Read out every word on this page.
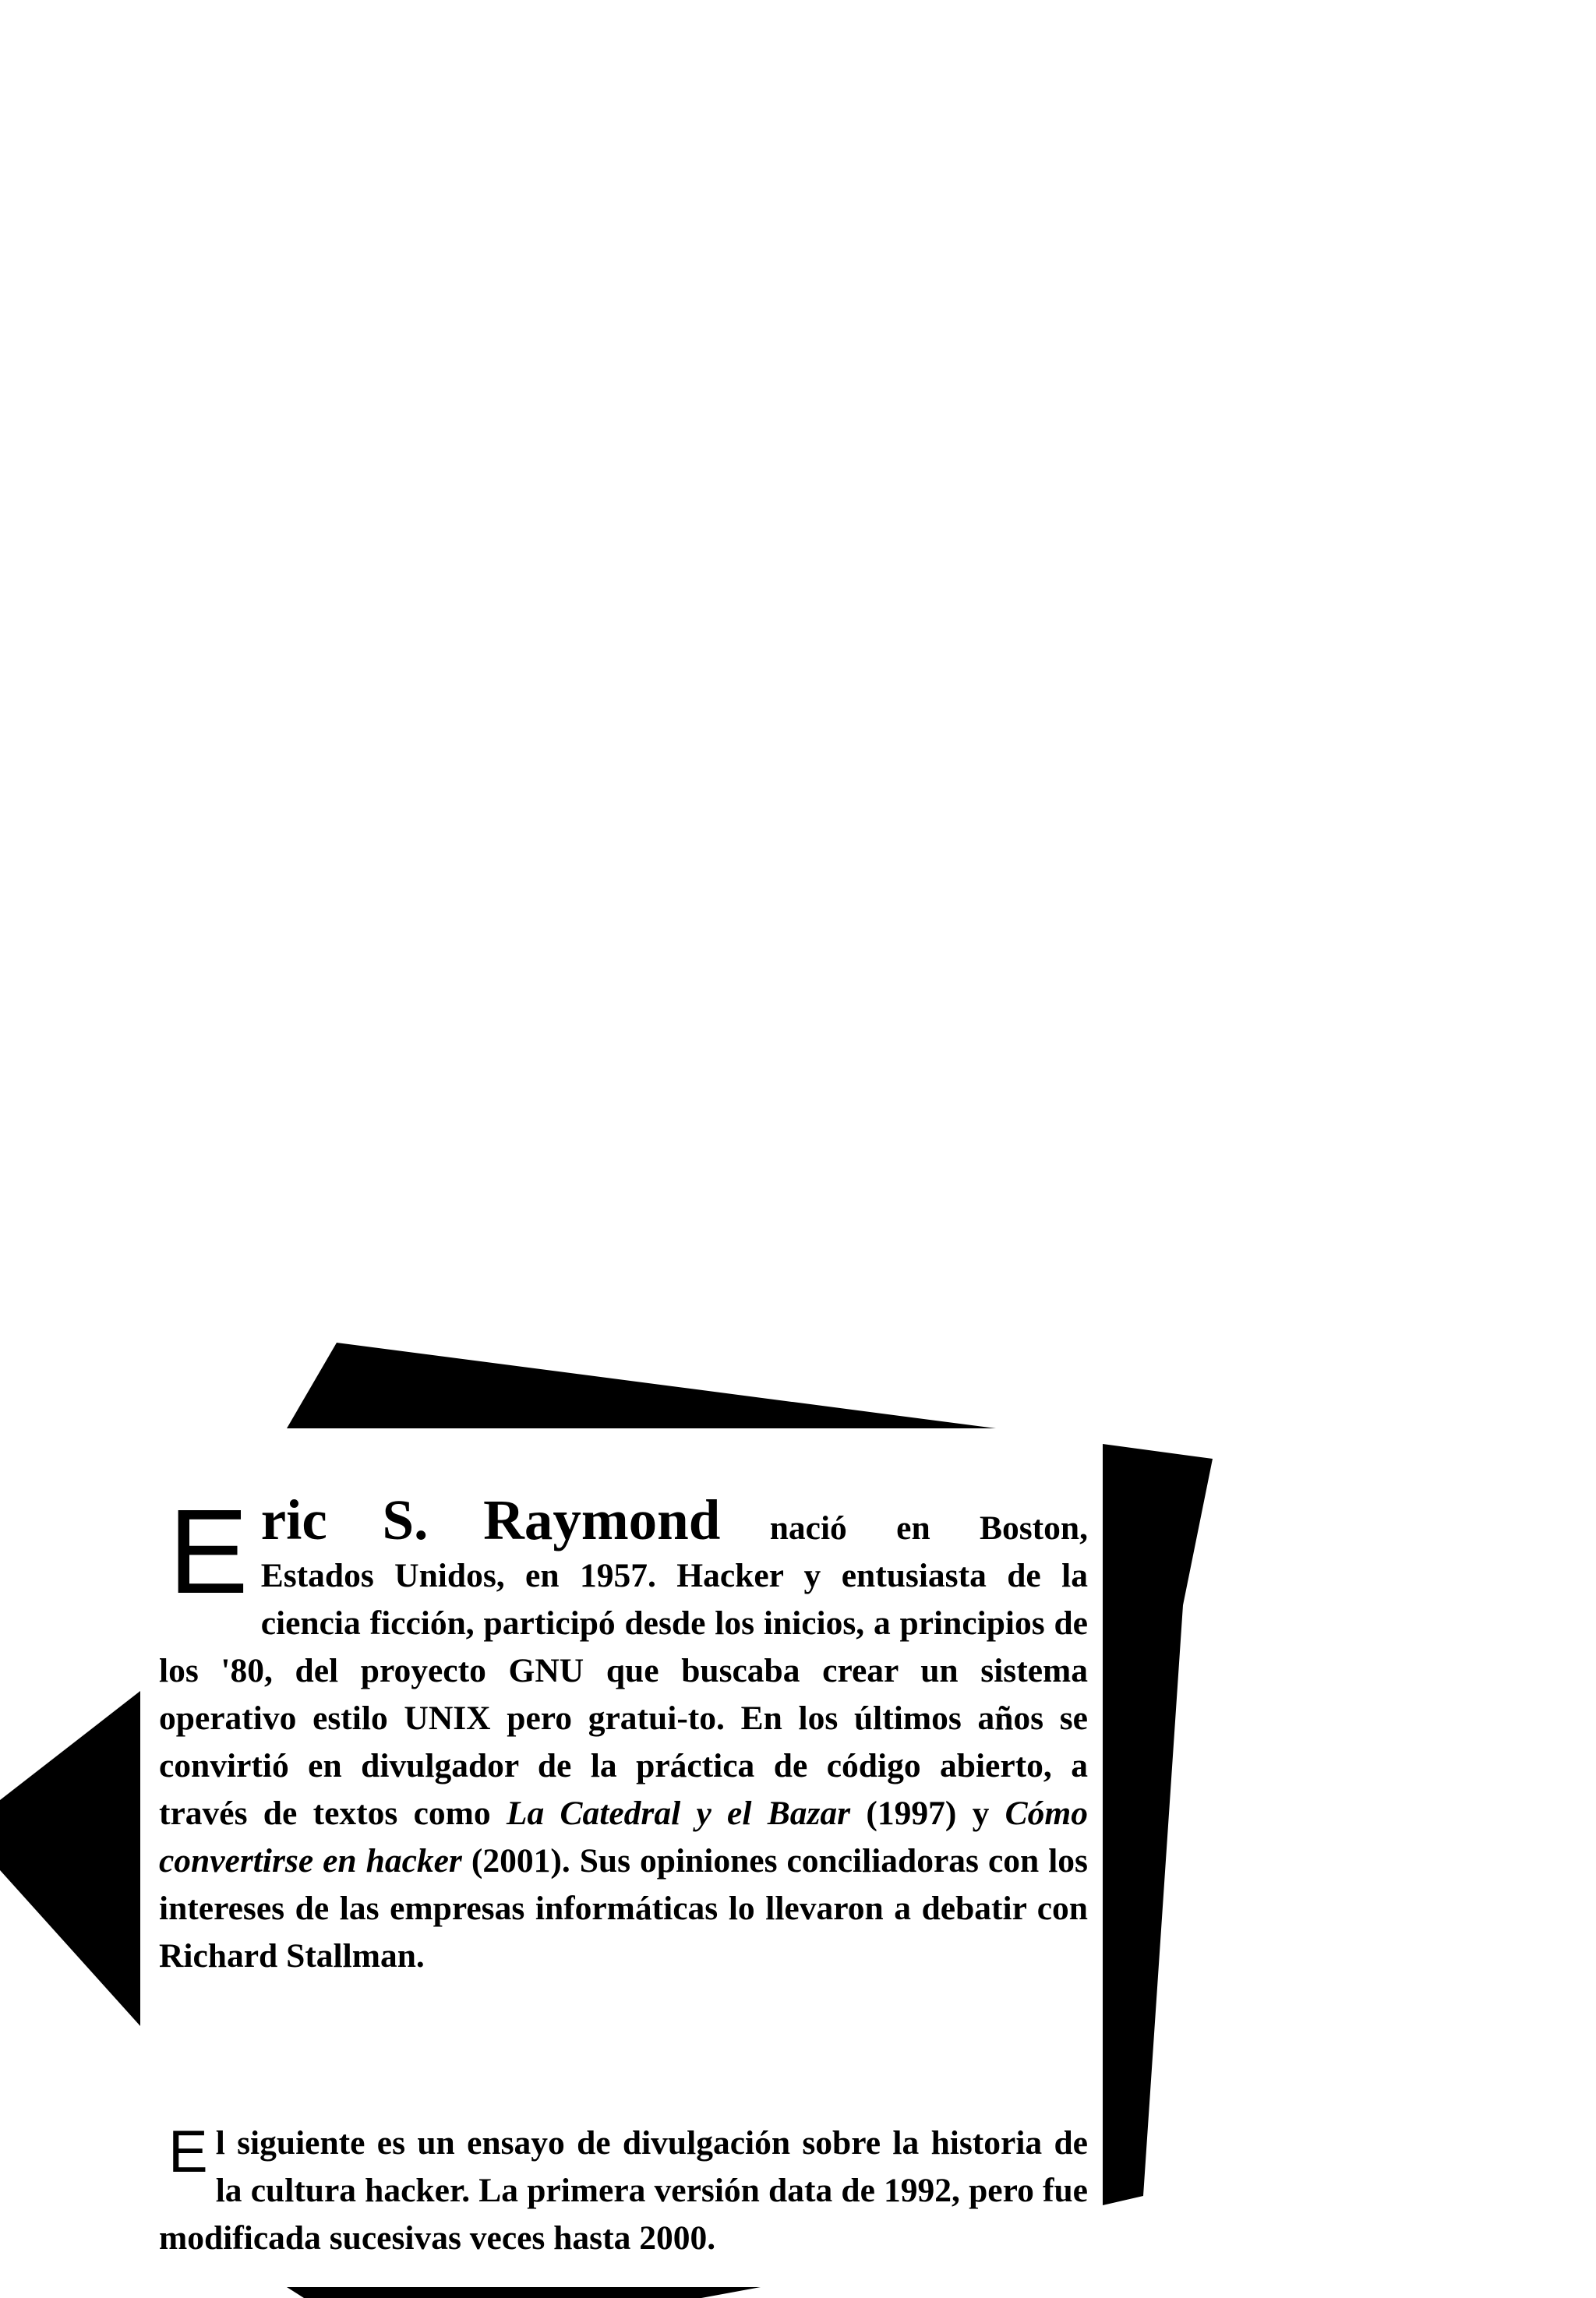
E ric S. Raymond nació en Boston,
Estados Unidos, en 1957. Hacker y entusiasta de la ciencia ficción, participó desde los inicios, a principios de los '80, del proyecto GNU que buscaba crear un sistema operativo estilo UNIX pero gratui-to. En los últimos años se convirtió en divulgador de la práctica de código abierto, a través de textos como La Catedral y el Bazar (1997) y Cómo convertirse en hacker (2001). Sus opiniones conciliadoras con los intereses de las empresas informáticas lo llevaron a debatir con Richard Stallman.

E l siguiente es un ensayo de divulgación sobre la historia de la cultura hacker. La primera versión data de 1992, pero fue modificada sucesivas veces hasta 2000.
